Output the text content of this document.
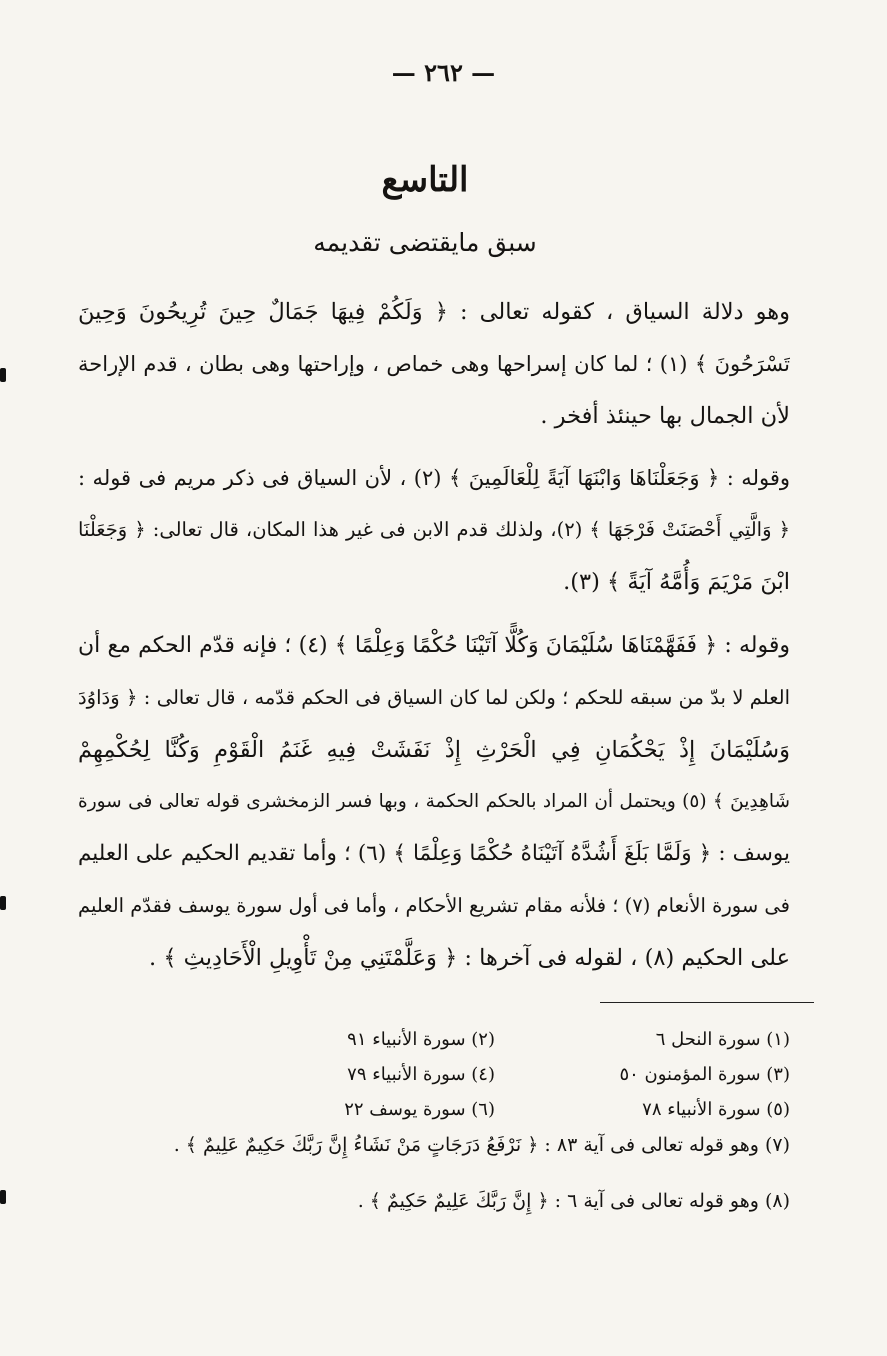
— ٢٦٢ —
التاسع
سبق مايقتضى تقديمه
وهو دلالة السياق ، كقوله تعالى : ﴿ وَلَكُمْ فِيهَا جَمَالٌ حِينَ تُرِيحُونَ وَحِينَ
تَسْرَحُونَ ﴾ (١) ؛ لما كان إسراحها وهى خماص ، وإراحتها وهى بطان ، قدم الإراحة
لأن الجمال بها حينئذ أفخر .
وقوله : ﴿ وَجَعَلْنَاهَا وَابْنَهَا آيَةً لِلْعَالَمِينَ ﴾ (٢) ، لأن السياق فى ذكر مريم فى قوله :
﴿ وَالَّتِي أَحْصَنَتْ فَرْجَهَا ﴾ (٢)، ولذلك قدم الابن فى غير هذا المكان، قال تعالى: ﴿ وَجَعَلْنَا
ابْنَ مَرْيَمَ وَأُمَّهُ آيَةً ﴾ (٣).
وقوله : ﴿ فَفَهَّمْنَاهَا سُلَيْمَانَ وَكُلًّا آتَيْنَا حُكْمًا وَعِلْمًا ﴾ (٤) ؛ فإنه قدّم الحكم مع أن
العلم لا بدّ من سبقه للحكم ؛ ولكن لما كان السياق فى الحكم قدّمه ، قال تعالى : ﴿ وَدَاوُدَ
وَسُلَيْمَانَ إِذْ يَحْكُمَانِ فِي الْحَرْثِ إِذْ نَفَشَتْ فِيهِ غَنَمُ الْقَوْمِ وَكُنَّا لِحُكْمِهِمْ
شَاهِدِينَ ﴾ (٥) ويحتمل أن المراد بالحكم الحكمة ، وبها فسر الزمخشرى قوله تعالى فى سورة
يوسف : ﴿ وَلَمَّا بَلَغَ أَشُدَّهُ آتَيْنَاهُ حُكْمًا وَعِلْمًا ﴾ (٦) ؛ وأما تقديم الحكيم على العليم
فى سورة الأنعام (٧) ؛ فلأنه مقام تشريع الأحكام ، وأما فى أول سورة يوسف فقدّم العليم
على الحكيم (٨) ، لقوله فى آخرها : ﴿ وَعَلَّمْتَنِي مِنْ تَأْوِيلِ الْأَحَادِيثِ ﴾ .
(١) سورة النحل ٦
(٢) سورة الأنبياء ٩١
(٣) سورة المؤمنون ٥٠
(٤) سورة الأنبياء ٧٩
(٥) سورة الأنبياء ٧٨
(٦) سورة يوسف ٢٢
(٧) وهو قوله تعالى فى آية ٨٣ : ﴿ نَرْفَعُ دَرَجَاتٍ مَنْ نَشَاءُ إِنَّ رَبَّكَ حَكِيمٌ عَلِيمٌ ﴾ .
(٨) وهو قوله تعالى فى آية ٦ : ﴿ إِنَّ رَبَّكَ عَلِيمٌ حَكِيمٌ ﴾ .
